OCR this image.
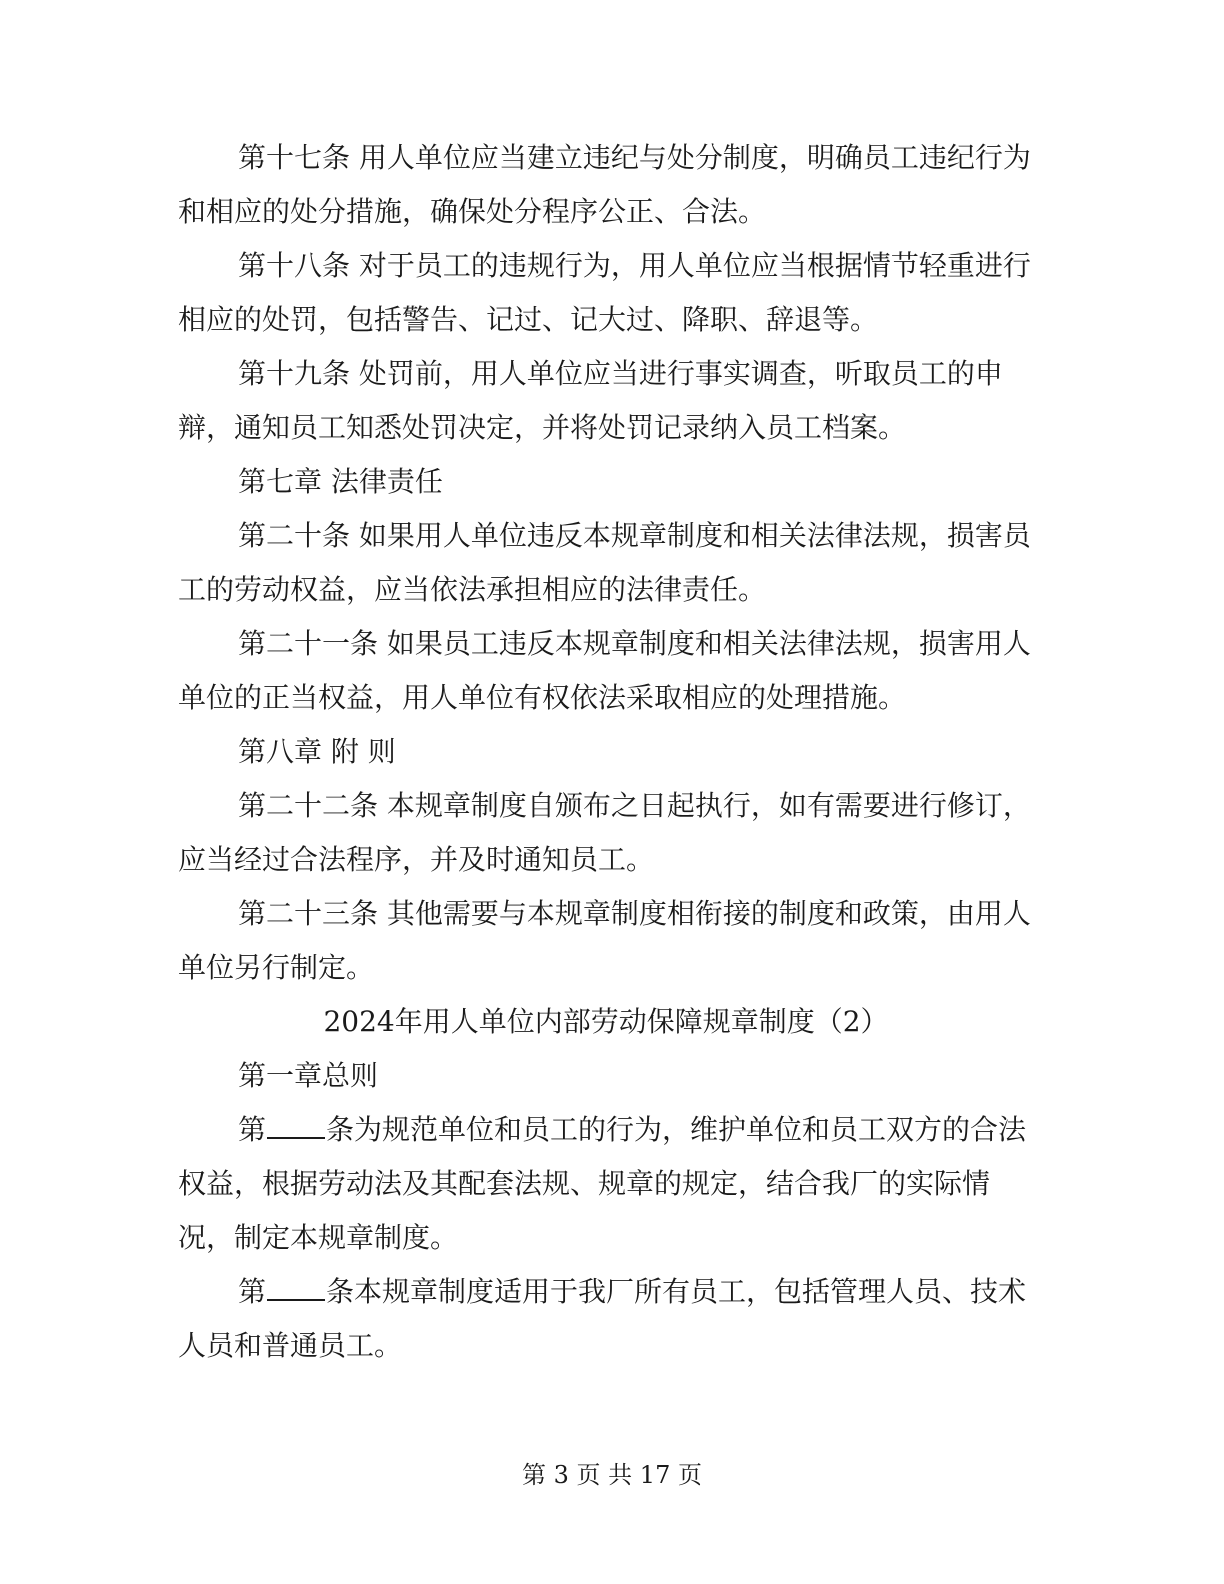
第十七条 用人单位应当建立违纪与处分制度，明确员工违纪行为
和相应的处分措施，确保处分程序公正、合法。
第十八条 对于员工的违规行为，用人单位应当根据情节轻重进行
相应的处罚，包括警告、记过、记大过、降职、辞退等。
第十九条 处罚前，用人单位应当进行事实调查，听取员工的申
辩，通知员工知悉处罚决定，并将处罚记录纳入员工档案。
第七章 法律责任
第二十条 如果用人单位违反本规章制度和相关法律法规，损害员
工的劳动权益，应当依法承担相应的法律责任。
第二十一条 如果员工违反本规章制度和相关法律法规，损害用人
单位的正当权益，用人单位有权依法采取相应的处理措施。
第八章 附 则
第二十二条 本规章制度自颁布之日起执行，如有需要进行修订，
应当经过合法程序，并及时通知员工。
第二十三条 其他需要与本规章制度相衔接的制度和政策，由用人
单位另行制定。
2024年用人单位内部劳动保障规章制度（2）
第一章总则
第 条为规范单位和员工的行为，维护单位和员工双方的合法
权益，根据劳动法及其配套法规、规章的规定，结合我厂的实际情
况，制定本规章制度。
第 条本规章制度适用于我厂所有员工，包括管理人员、技术
人员和普通员工。
第 3 页 共 17 页
